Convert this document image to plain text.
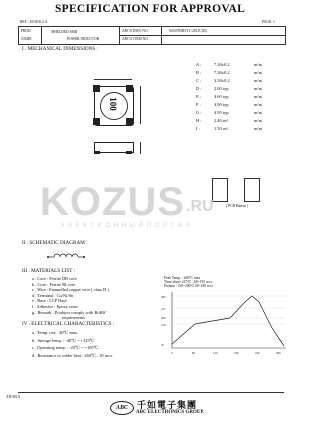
SPECIFICATION FOR APPROVAL
REF : 20100112-A	PAGE: 1
PROD.
NAME
SHIELDED SMD
POWER INDUCTOR
ABC'S DWG NO.
ABC'S ITEM NO.
SS50783R3YL-2013C(D)
I . MECHANICAL DIMENSIONS :
100
A :	7.30±0.2	m/m
B :	7.30±0.2	m/m
C :	3.50±0.2	m/m
D :	2.00 typ.	m/m
E :	4.60 typ.	m/m
F :	4.90 typ.	m/m
G :	4.95 typ.	m/m
H :	2.40 ref.	m/m
I :	1.50 ref.	m/m
( PCB Pattern )
KOZUS .RU
Э Л Е К Т Р О Н Н Ы Й П О Р Т А Л
II . SCHEMATIC DIAGRAM :
III . MATERIALS LIST :
a . Core : Ferrite DR core
b . Core : Ferrite RI core
c . Wire : Enamelled copper wire ( class H )
d . Terminal : Cu/Ni/Sn
e . Base : LCP Base
f . Adhesive : Epoxy resin
g . Remark : Products comply with RoHS'
requirements
IV . ELECTRICAL CHARACTERISTICS :
a . Temp. rise : 40℃ max.
b . Storage temp. : -40℃ ~ +125℃
c . Operating temp. : -25℃ ~ +105℃
d . Resistance to solder heat : 260℃ , 10 secs.
Peak Temp. : 260℃ max
Time above 217℃ : 60~150 secs
Preheat : 150~200℃ 60~180 secs
260
217
200
150
25
0	60	120	180	240	300
AR-001A
ABC	千如電子集團
ABC ELECTRONICS GROUP.
